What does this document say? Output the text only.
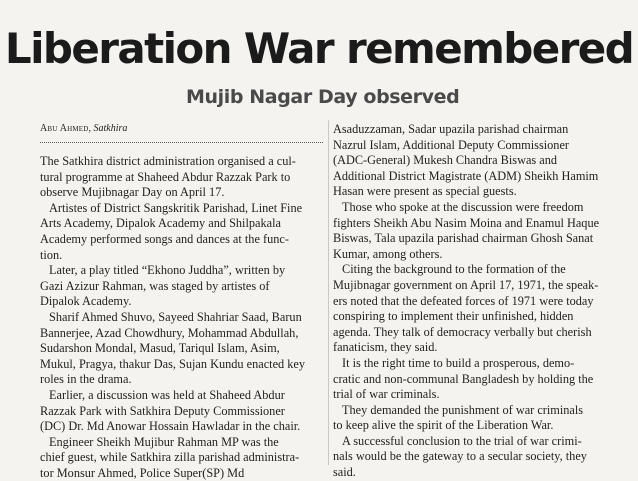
Liberation War remembered
Mujib Nagar Day observed
Abu Ahmed, Satkhira
The Satkhira district administration organised a cul-
tural programme at Shaheed Abdur Razzak Park to
observe Mujibnagar Day on April 17.
Artistes of District Sangskritik Parishad, Linet Fine
Arts Academy, Dipalok Academy and Shilpakala
Academy performed songs and dances at the func-
tion.
Later, a play titled “Ekhono Juddha”, written by
Gazi Azizur Rahman, was staged by artistes of
Dipalok Academy.
Sharif Ahmed Shuvo, Sayeed Shahriar Saad, Barun
Bannerjee, Azad Chowdhury, Mohammad Abdullah,
Sudarshon Mondal, Masud, Tariqul Islam, Asim,
Mukul, Pragya, thakur Das, Sujan Kundu enacted key
roles in the drama.
Earlier, a discussion was held at Shaheed Abdur
Razzak Park with Satkhira Deputy Commissioner
(DC) Dr. Md Anowar Hossain Hawladar in the chair.
Engineer Sheikh Mujibur Rahman MP was the
chief guest, while Satkhira zilla parishad administra-
tor Monsur Ahmed, Police Super(SP) Md
Asaduzzaman, Sadar upazila parishad chairman
Nazrul Islam, Additional Deputy Commissioner
(ADC-General) Mukesh Chandra Biswas and
Additional District Magistrate (ADM) Sheikh Hamim
Hasan were present as special guests.
Those who spoke at the discussion were freedom
fighters Sheikh Abu Nasim Moina and Enamul Haque
Biswas, Tala upazila parishad chairman Ghosh Sanat
Kumar, among others.
Citing the background to the formation of the
Mujibnagar government on April 17, 1971, the speak-
ers noted that the defeated forces of 1971 were today
conspiring to implement their unfinished, hidden
agenda. They talk of democracy verbally but cherish
fanaticism, they said.
It is the right time to build a prosperous, demo-
cratic and non-communal Bangladesh by holding the
trial of war criminals.
They demanded the punishment of war criminals
to keep alive the spirit of the Liberation War.
A successful conclusion to the trial of war crimi-
nals would be the gateway to a secular society, they
said.
